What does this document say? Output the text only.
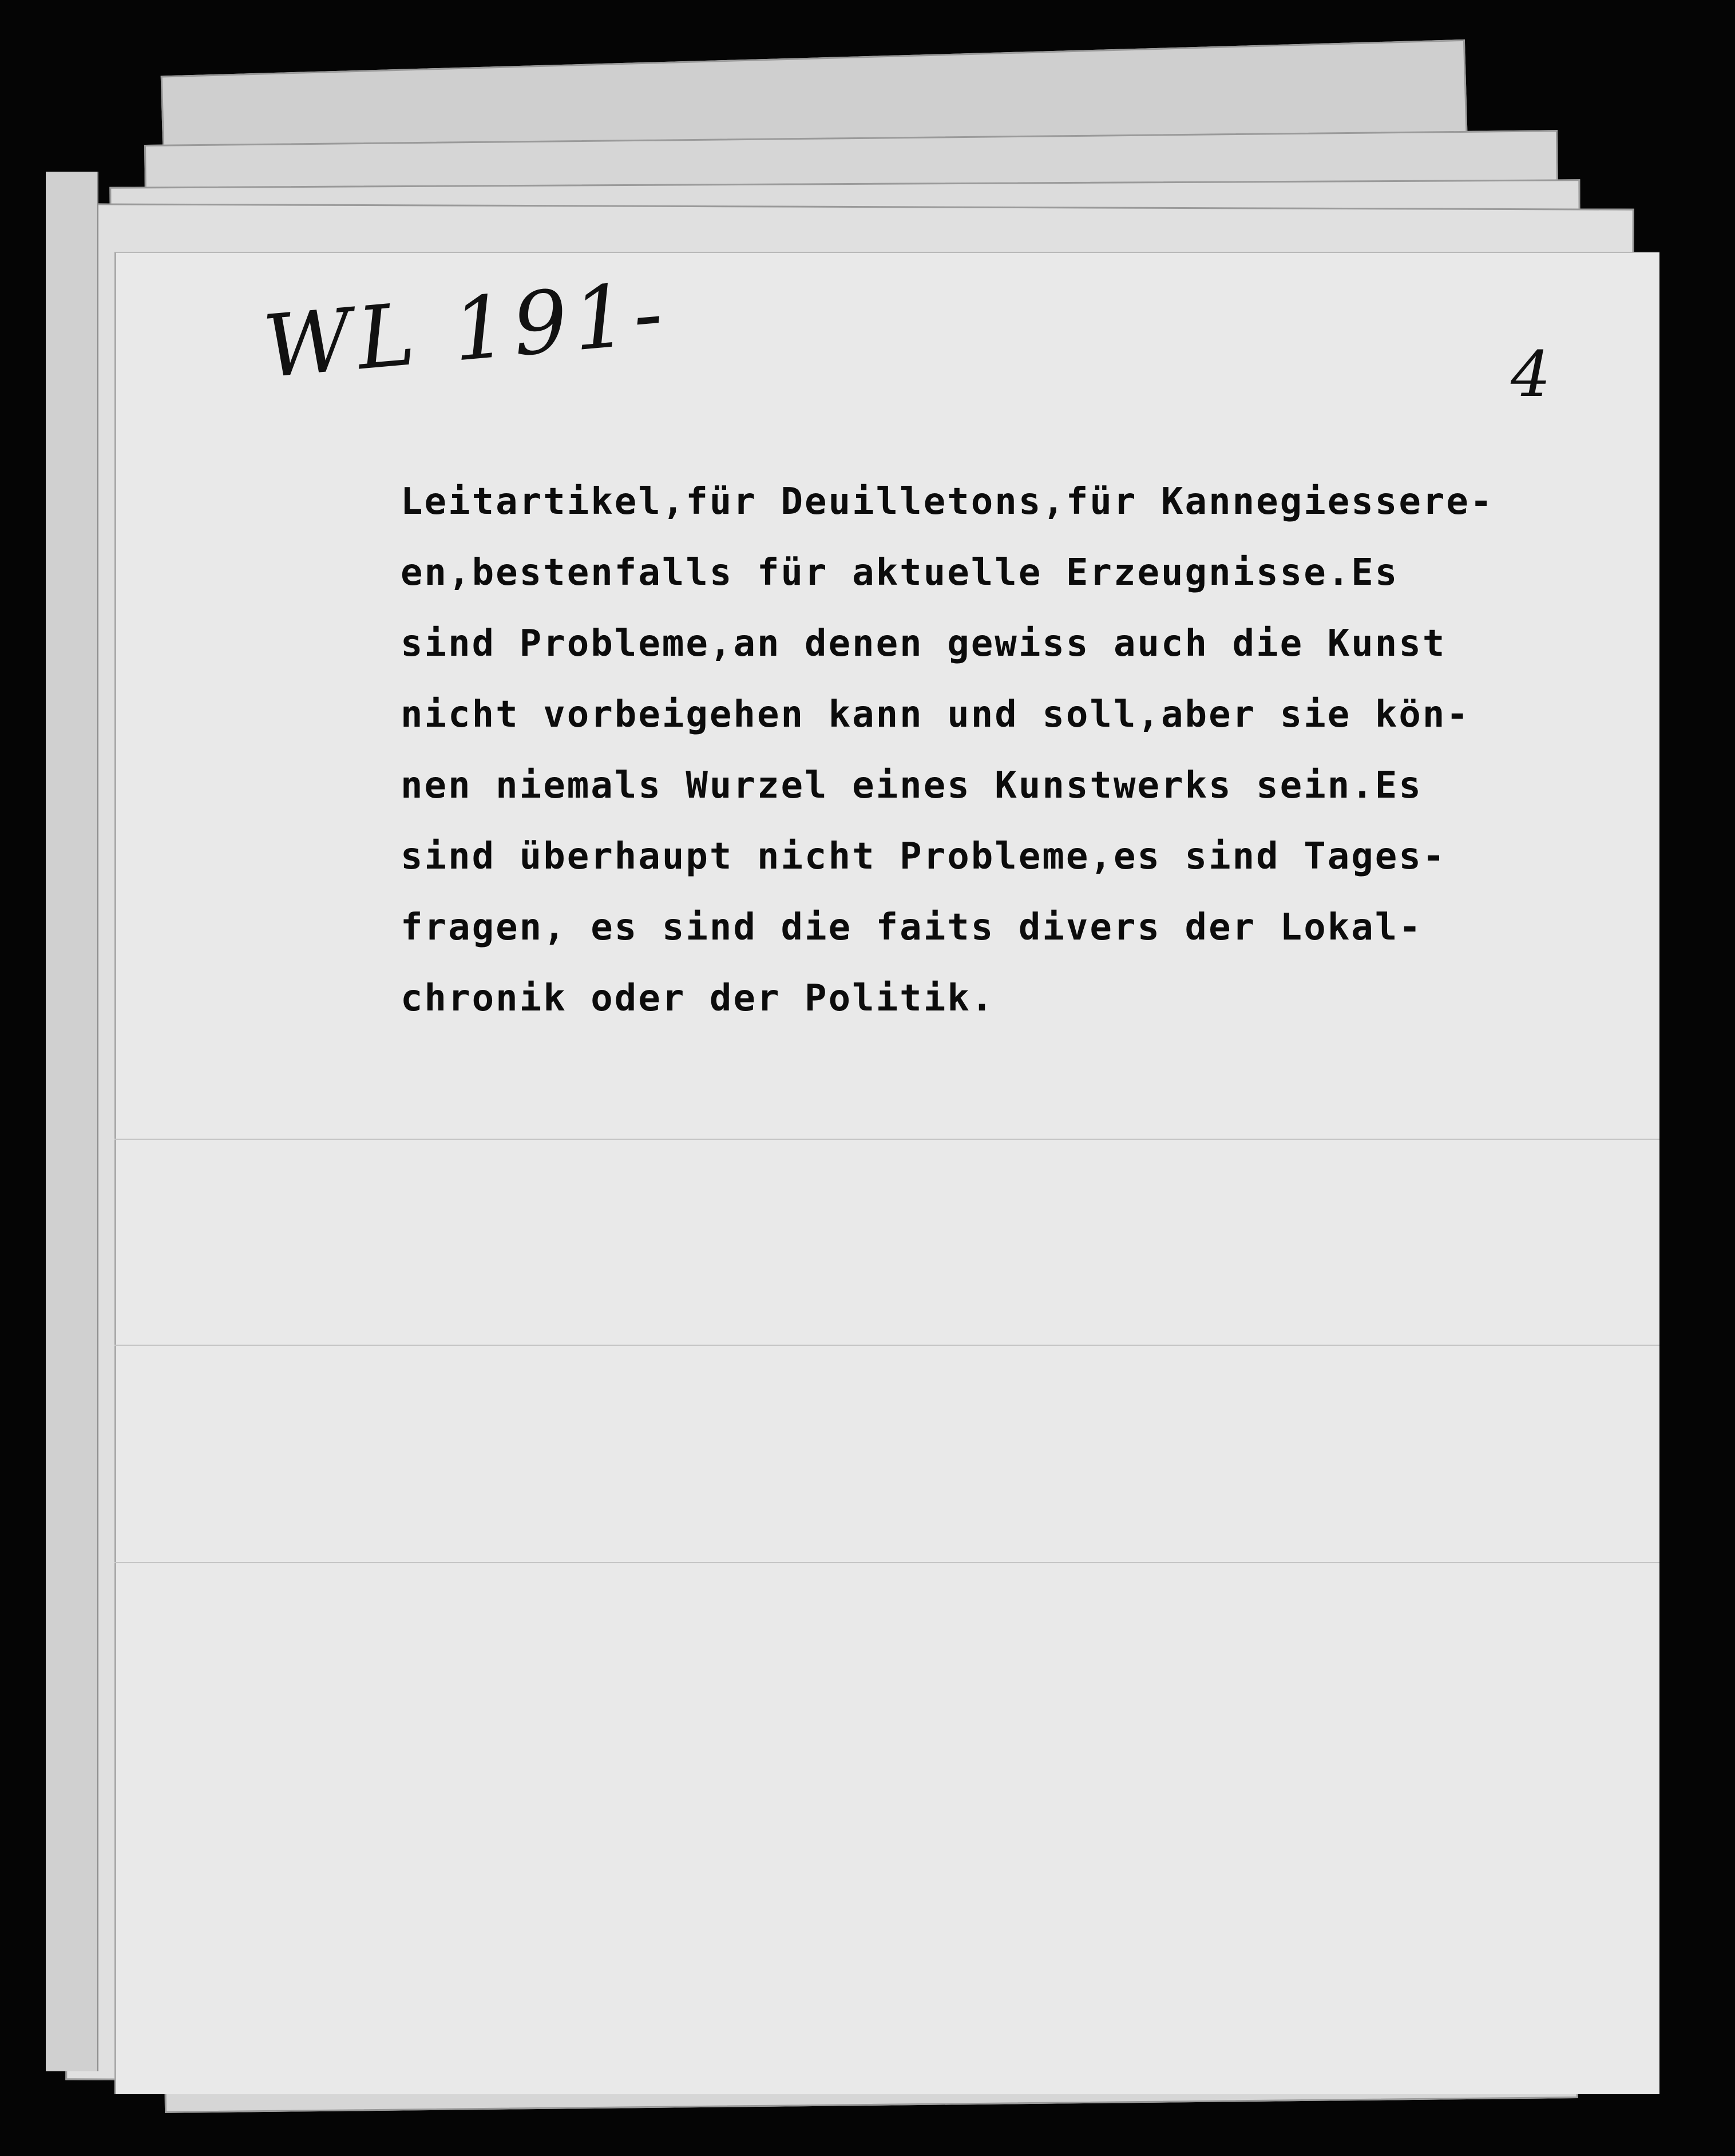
WL 191-	4
Leitartikel,für Deuilletons,für Kannegiessere-
en,bestenfalls für aktuelle Erzeugnisse.Es
sind Probleme,an denen gewiss auch die Kunst
nicht vorbeigehen kann und soll,aber sie kön-
nen niemals Wurzel eines Kunstwerks sein.Es
sind überhaupt nicht Probleme,es sind Tages-
fragen, es sind die faits divers der Lokal-
chronik oder der Politik.
